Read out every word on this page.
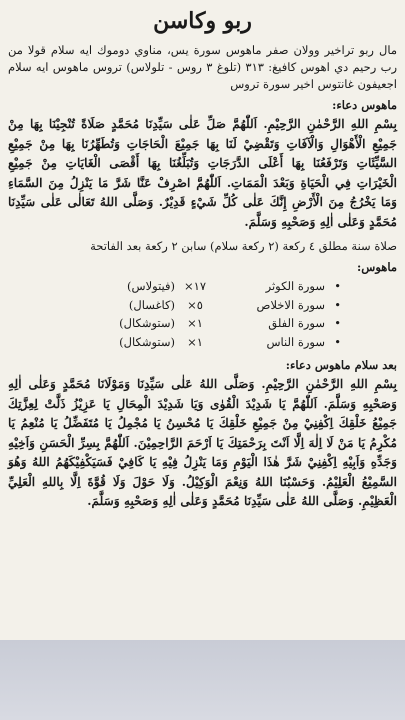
ربو وكاسن
مال ربو تراخير وولان صفر ماهوس سورة يس، مناوي دوموك ايه سلام قولا من رب رحيم دي اهوس كافيغ: ٣١٣ (تلوغ ٣ روس - تلولاس) تروس ماهوس ايه سلام اجعيفون غانتوس اخير سورة تروس
ماهوس دعاء:
بِسْمِ اللهِ الرَّحْمٰنِ الرَّحِيْمِ. اَللّٰهُمَّ صَلِّ عَلٰى سَيِّدِنَا مُحَمَّدٍ صَلَاةً تُنْجِيْنَا بِهَا مِنْ جَمِيْعِ الْأَهْوَالِ وَالْآفَاتِ وَتَقْضِيْ لَنَا بِهَا جَمِيْعَ الْحَاجَاتِ وَتُطَهِّرُنَا بِهَا مِنْ جَمِيْعِ السَّيِّئَاتِ وَتَرْفَعُنَا بِهَا أَعْلَى الدَّرَجَاتِ وَتُبَلِّغُنَا بِهَا أَقْصَى الْغَايَاتِ مِنْ جَمِيْعِ الْخَيْرَاتِ فِي الْحَيَاةِ وَبَعْدَ الْمَمَاتِ. اَللّٰهُمَّ اصْرِفْ عَنَّا شَرَّ مَا يَنْزِلُ مِنَ السَّمَاءِ وَمَا يَخْرُجُ مِنَ الْأَرْضِ إِنَّكَ عَلٰى كُلِّ شَيْءٍ قَدِيْرٌ. وَصَلَّى اللهُ تَعَالٰى عَلٰى سَيِّدِنَا مُحَمَّدٍ وَعَلٰى اٰلِهِ وَصَحْبِهِ وَسَلَّمَ.
صلاة سنة مطلق ٤ ركعة (٢ ركعة سلام) سابن ٢ ركعة بعد الفاتحة
ماهوس:
•
سورة الكوثر
×١٧
(فيتولاس)
•
سورة الاخلاص
×٥
(كاغسال)
•
سورة الفلق
×١
(ستوشكال)
•
سورة الناس
×١
(ستوشكال)
بعد سلام ماهوس دعاء:
بِسْمِ اللهِ الرَّحْمٰنِ الرَّحِيْمِ. وَصَلَّى اللهُ عَلٰى سَيِّدِنَا وَمَوْلَانَا مُحَمَّدٍ وَعَلٰى اٰلِهِ وَصَحْبِهِ وَسَلَّمَ. اَللّٰهُمَّ يَا شَدِيْدَ الْقُوٰى وَيَا شَدِيْدَ الْمِحَالِ يَا عَزِيْزُ ذَلَّتْ لِعِزَّتِكَ جَمِيْعُ خَلْقِكَ اِكْفِنِيْ مِنْ جَمِيْعِ خَلْقِكَ يَا مُحْسِنُ يَا مُجْمِلُ يَا مُتَفَضِّلُ يَا مُنْعِمُ يَا مُكْرِمُ يَا مَنْ لَا اِلٰهَ اِلَّا اَنْتَ بِرَحْمَتِكَ يَا اَرْحَمَ الرَّاحِمِيْنَ. اَللّٰهُمَّ بِسِرِّ الْحَسَنِ وَاَخِيْهِ وَجَدِّهِ وَاَبِيْهِ اِكْفِنِيْ شَرَّ هٰذَا الْيَوْمِ وَمَا يَنْزِلُ فِيْهِ يَا كَافِيْ فَسَيَكْفِيْكَهُمُ اللهُ وَهُوَ السَّمِيْعُ الْعَلِيْمُ. وَحَسْبُنَا اللهُ وَنِعْمَ الْوَكِيْلُ. وَلَا حَوْلَ وَلَا قُوَّةَ اِلَّا بِاللهِ الْعَلِيِّ الْعَظِيْمِ. وَصَلَّى اللهُ عَلٰى سَيِّدِنَا مُحَمَّدٍ وَعَلٰى اٰلِهِ وَصَحْبِهِ وَسَلَّمَ.
